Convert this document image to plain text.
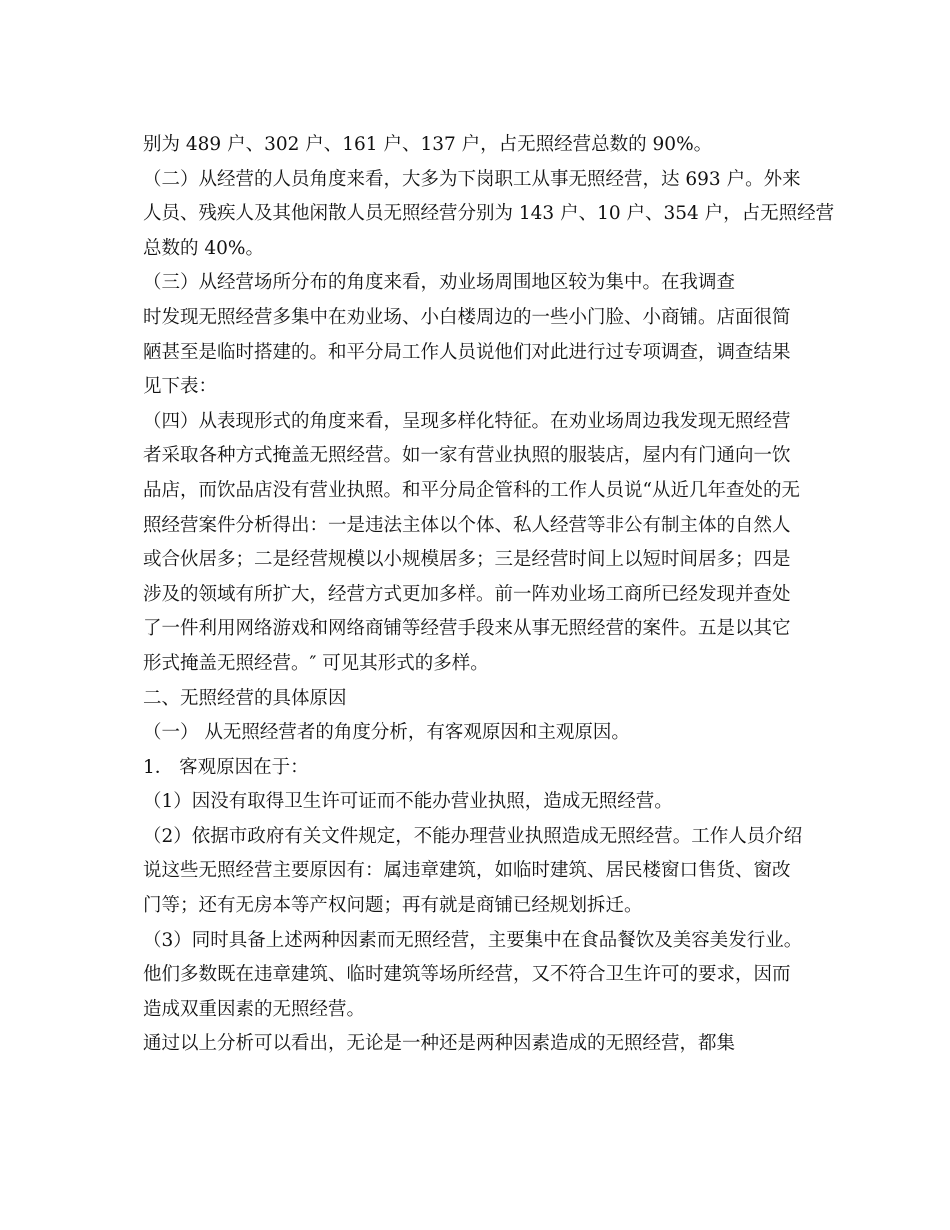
别为 489 户、302 户、161 户、137 户，占无照经营总数的 90%。
（二）从经营的人员角度来看，大多为下岗职工从事无照经营，达 693 户。外来
人员、残疾人及其他闲散人员无照经营分别为 143 户、10 户、354 户，占无照经营
总数的 40%。
（三）从经营场所分布的角度来看，劝业场周围地区较为集中。在我调查
时发现无照经营多集中在劝业场、小白楼周边的一些小门脸、小商铺。店面很简
陋甚至是临时搭建的。和平分局工作人员说他们对此进行过专项调查，调查结果
见下表：
（四）从表现形式的角度来看，呈现多样化特征。在劝业场周边我发现无照经营
者采取各种方式掩盖无照经营。如一家有营业执照的服装店，屋内有门通向一饮
品店，而饮品店没有营业执照。和平分局企管科的工作人员说“从近几年查处的无
照经营案件分析得出：一是违法主体以个体、私人经营等非公有制主体的自然人
或合伙居多；二是经营规模以小规模居多；三是经营时间上以短时间居多；四是
涉及的领域有所扩大，经营方式更加多样。前一阵劝业场工商所已经发现并查处
了一件利用网络游戏和网络商铺等经营手段来从事无照经营的案件。五是以其它
形式掩盖无照经营。″ 可见其形式的多样。
二、无照经营的具体原因
（一） 从无照经营者的角度分析，有客观原因和主观原因。
1． 客观原因在于：
（1）因没有取得卫生许可证而不能办营业执照，造成无照经营。
（2）依据市政府有关文件规定，不能办理营业执照造成无照经营。工作人员介绍
说这些无照经营主要原因有：属违章建筑，如临时建筑、居民楼窗口售货、窗改
门等；还有无房本等产权问题；再有就是商铺已经规划拆迁。
（3）同时具备上述两种因素而无照经营，主要集中在食品餐饮及美容美发行业。
他们多数既在违章建筑、临时建筑等场所经营，又不符合卫生许可的要求，因而
造成双重因素的无照经营。
通过以上分析可以看出，无论是一种还是两种因素造成的无照经营，都集
